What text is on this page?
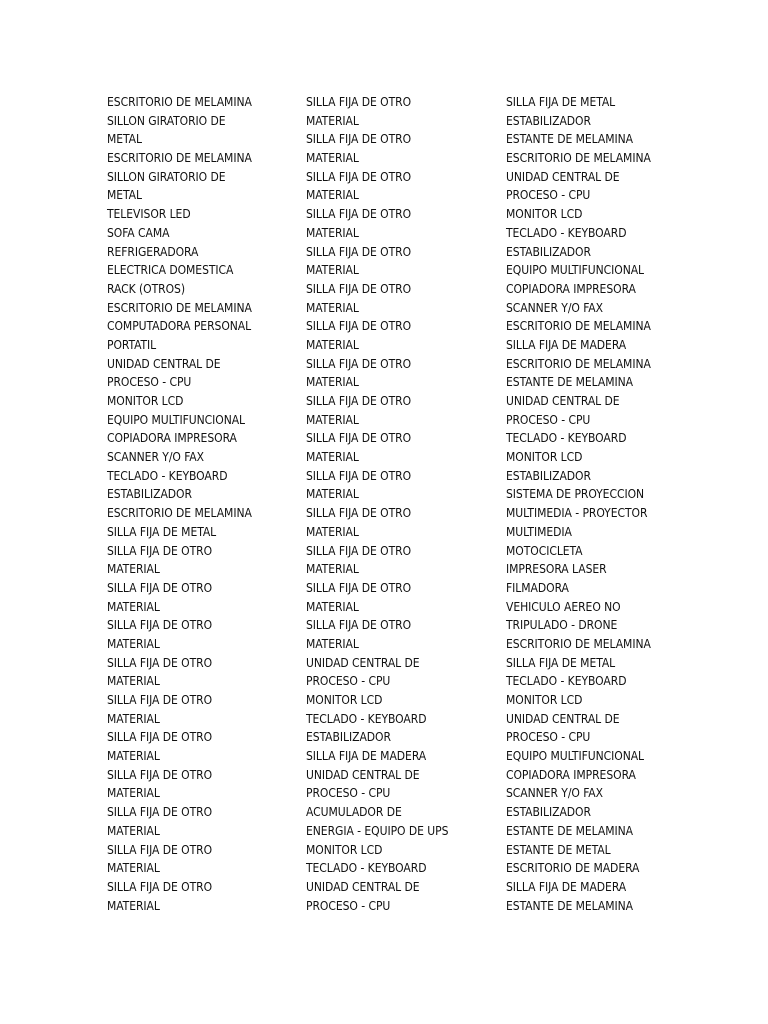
ESCRITORIO DE MELAMINA
SILLON GIRATORIO DE
METAL
ESCRITORIO DE MELAMINA
SILLON GIRATORIO DE
METAL
TELEVISOR LED
SOFA CAMA
REFRIGERADORA
ELECTRICA DOMESTICA
RACK (OTROS)
ESCRITORIO DE MELAMINA
COMPUTADORA PERSONAL
PORTATIL
UNIDAD CENTRAL DE
PROCESO - CPU
MONITOR LCD
EQUIPO MULTIFUNCIONAL
COPIADORA IMPRESORA
SCANNER Y/O FAX
TECLADO - KEYBOARD
ESTABILIZADOR
ESCRITORIO DE MELAMINA
SILLA FIJA DE METAL
SILLA FIJA DE OTRO
MATERIAL
SILLA FIJA DE OTRO
MATERIAL
SILLA FIJA DE OTRO
MATERIAL
SILLA FIJA DE OTRO
MATERIAL
SILLA FIJA DE OTRO
MATERIAL
SILLA FIJA DE OTRO
MATERIAL
SILLA FIJA DE OTRO
MATERIAL
SILLA FIJA DE OTRO
MATERIAL
SILLA FIJA DE OTRO
MATERIAL
SILLA FIJA DE OTRO
MATERIAL
SILLA FIJA DE OTRO
MATERIAL
SILLA FIJA DE OTRO
MATERIAL
SILLA FIJA DE OTRO
MATERIAL
SILLA FIJA DE OTRO
MATERIAL
SILLA FIJA DE OTRO
MATERIAL
SILLA FIJA DE OTRO
MATERIAL
SILLA FIJA DE OTRO
MATERIAL
SILLA FIJA DE OTRO
MATERIAL
SILLA FIJA DE OTRO
MATERIAL
SILLA FIJA DE OTRO
MATERIAL
SILLA FIJA DE OTRO
MATERIAL
SILLA FIJA DE OTRO
MATERIAL
SILLA FIJA DE OTRO
MATERIAL
SILLA FIJA DE OTRO
MATERIAL
SILLA FIJA DE OTRO
MATERIAL
UNIDAD CENTRAL DE
PROCESO - CPU
MONITOR LCD
TECLADO - KEYBOARD
ESTABILIZADOR
SILLA FIJA DE MADERA
UNIDAD CENTRAL DE
PROCESO - CPU
ACUMULADOR DE
ENERGIA - EQUIPO DE UPS
MONITOR LCD
TECLADO - KEYBOARD
UNIDAD CENTRAL DE
PROCESO - CPU
SILLA FIJA DE METAL
ESTABILIZADOR
ESTANTE DE MELAMINA
ESCRITORIO DE MELAMINA
UNIDAD CENTRAL DE
PROCESO - CPU
MONITOR LCD
TECLADO - KEYBOARD
ESTABILIZADOR
EQUIPO MULTIFUNCIONAL
COPIADORA IMPRESORA
SCANNER Y/O FAX
ESCRITORIO DE MELAMINA
SILLA FIJA DE MADERA
ESCRITORIO DE MELAMINA
ESTANTE DE MELAMINA
UNIDAD CENTRAL DE
PROCESO - CPU
TECLADO - KEYBOARD
MONITOR LCD
ESTABILIZADOR
SISTEMA DE PROYECCION
MULTIMEDIA - PROYECTOR
MULTIMEDIA
MOTOCICLETA
IMPRESORA LASER
FILMADORA
VEHICULO AEREO NO
TRIPULADO - DRONE
ESCRITORIO DE MELAMINA
SILLA FIJA DE METAL
TECLADO - KEYBOARD
MONITOR LCD
UNIDAD CENTRAL DE
PROCESO - CPU
EQUIPO MULTIFUNCIONAL
COPIADORA IMPRESORA
SCANNER Y/O FAX
ESTABILIZADOR
ESTANTE DE MELAMINA
ESTANTE DE METAL
ESCRITORIO DE MADERA
SILLA FIJA DE MADERA
ESTANTE DE MELAMINA
